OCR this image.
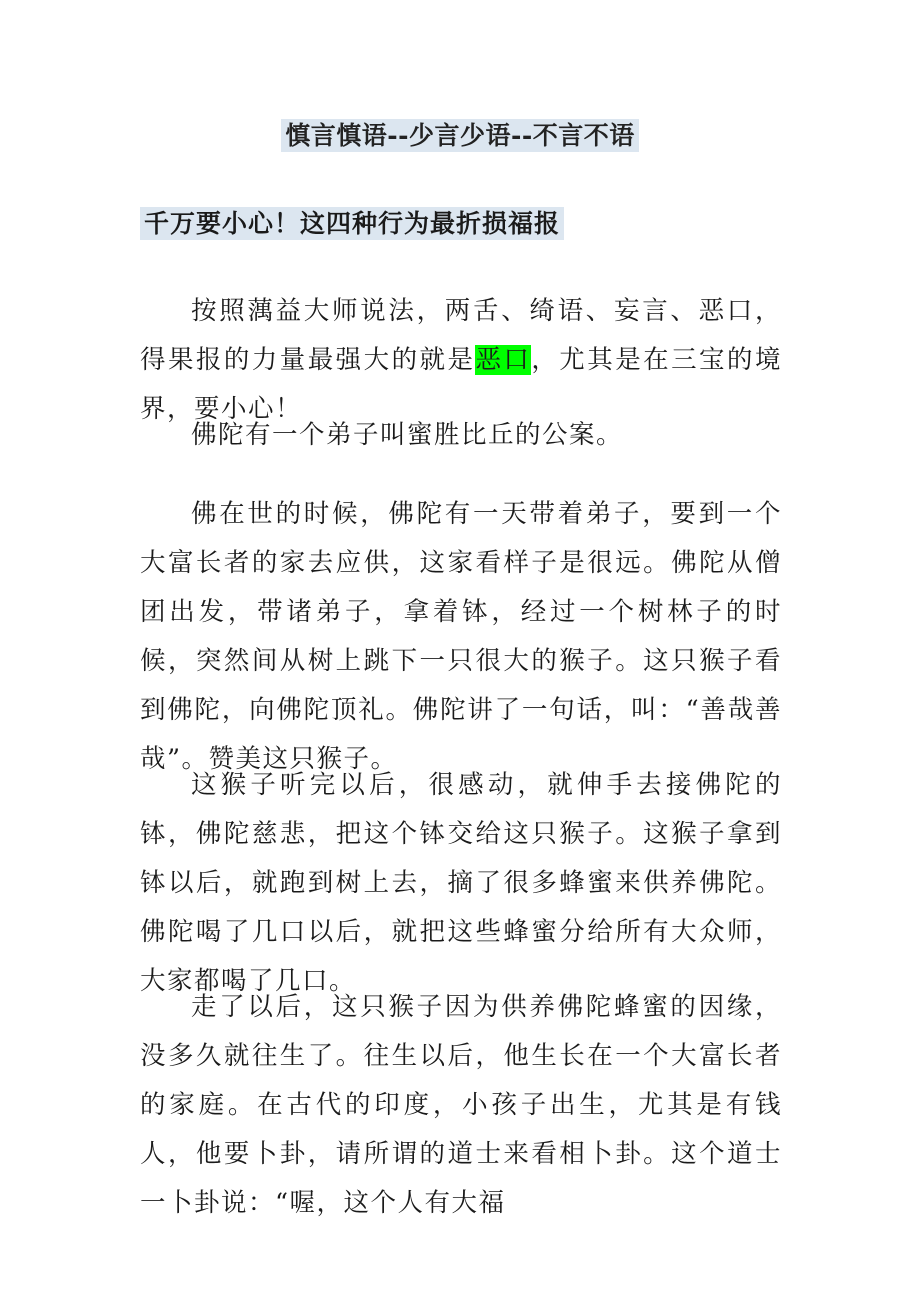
慎言慎语--少言少语--不言不语
千万要小心！这四种行为最折损福报

按照蕅益大师说法，两舌、绮语、妄言、恶口，得果报的力量最强大的就是恶口，尤其是在三宝的境界，要小心！

佛陀有一个弟子叫蜜胜比丘的公案。

佛在世的时候，佛陀有一天带着弟子，要到一个大富长者的家去应供，这家看样子是很远。佛陀从僧团出发，带诸弟子，拿着钵，经过一个树林子的时候，突然间从树上跳下一只很大的猴子。这只猴子看到佛陀，向佛陀顶礼。佛陀讲了一句话，叫：“善哉善哉”。赞美这只猴子。

这猴子听完以后，很感动，就伸手去接佛陀的钵，佛陀慈悲，把这个钵交给这只猴子。这猴子拿到钵以后，就跑到树上去，摘了很多蜂蜜来供养佛陀。佛陀喝了几口以后，就把这些蜂蜜分给所有大众师，大家都喝了几口。

走了以后，这只猴子因为供养佛陀蜂蜜的因缘，没多久就往生了。往生以后，他生长在一个大富长者的家庭。在古代的印度，小孩子出生，尤其是有钱人，他要卜卦，请所谓的道士来看相卜卦。这个道士一卜卦说：“喔，这个人有大福
